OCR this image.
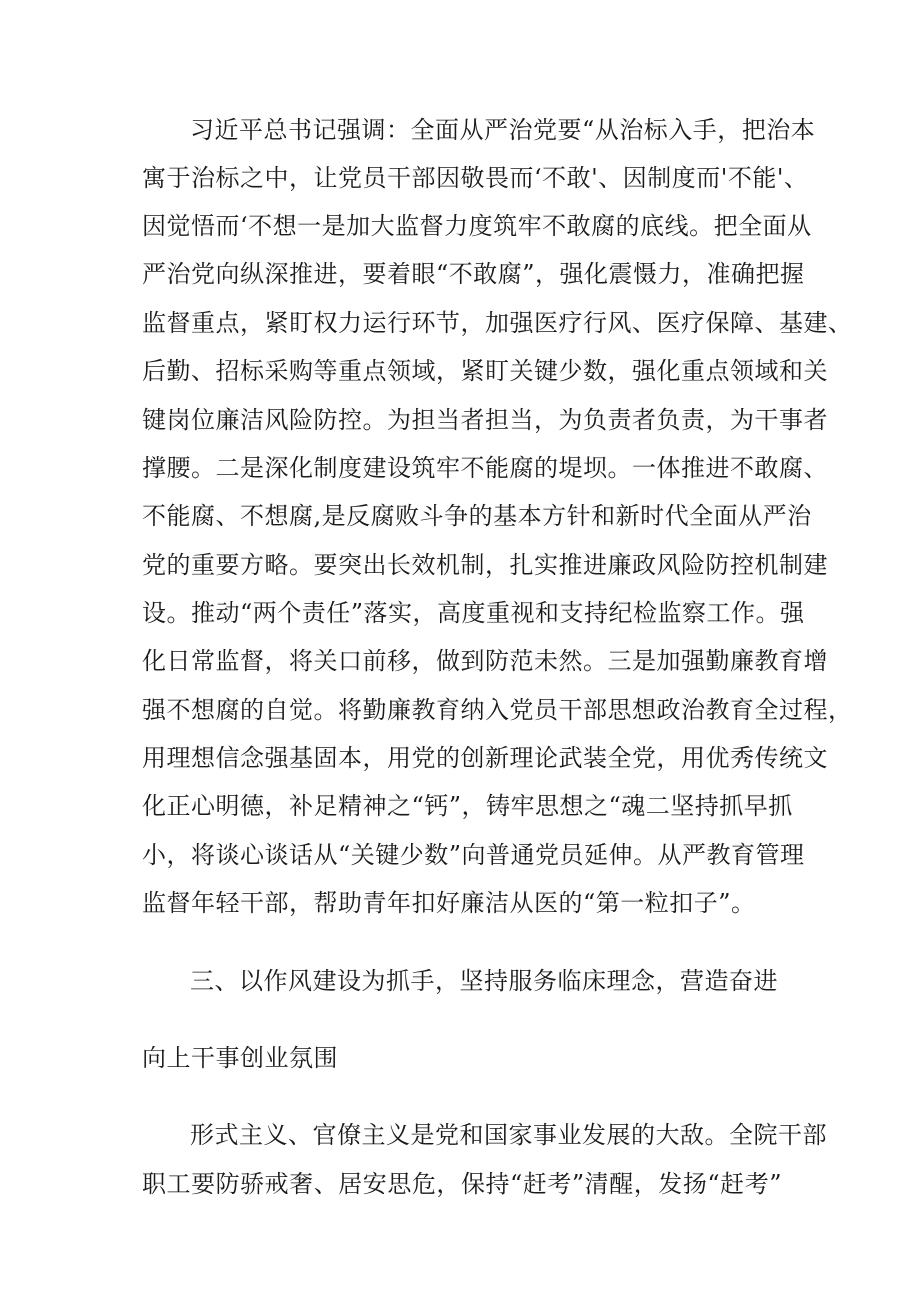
习近平总书记强调：全面从严治党要“从治标入手，把治本
寓于治标之中，让党员干部因敬畏而‘不敢'、因制度而'不能'、
因觉悟而‘不想一是加大监督力度筑牢不敢腐的底线。把全面从
严治党向纵深推进，要着眼“不敢腐”，强化震慑力，准确把握
监督重点，紧盯权力运行环节，加强医疗行风、医疗保障、基建、
后勤、招标采购等重点领域，紧盯关键少数，强化重点领域和关
键岗位廉洁风险防控。为担当者担当，为负责者负责，为干事者
撑腰。二是深化制度建设筑牢不能腐的堤坝。一体推进不敢腐、
不能腐、不想腐,是反腐败斗争的基本方针和新时代全面从严治
党的重要方略。要突出长效机制，扎实推进廉政风险防控机制建
设。推动“两个责任”落实，高度重视和支持纪检监察工作。强
化日常监督，将关口前移，做到防范未然。三是加强勤廉教育增
强不想腐的自觉。将勤廉教育纳入党员干部思想政治教育全过程，
用理想信念强基固本，用党的创新理论武装全党，用优秀传统文
化正心明德，补足精神之“钙”，铸牢思想之“魂二坚持抓早抓
小，将谈心谈话从“关键少数”向普通党员延伸。从严教育管理
监督年轻干部，帮助青年扣好廉洁从医的“第一粒扣子”。
三、以作风建设为抓手，坚持服务临床理念，营造奋进
向上干事创业氛围
形式主义、官僚主义是党和国家事业发展的大敌。全院干部
职工要防骄戒奢、居安思危，保持“赶考”清醒，发扬“赶考”
